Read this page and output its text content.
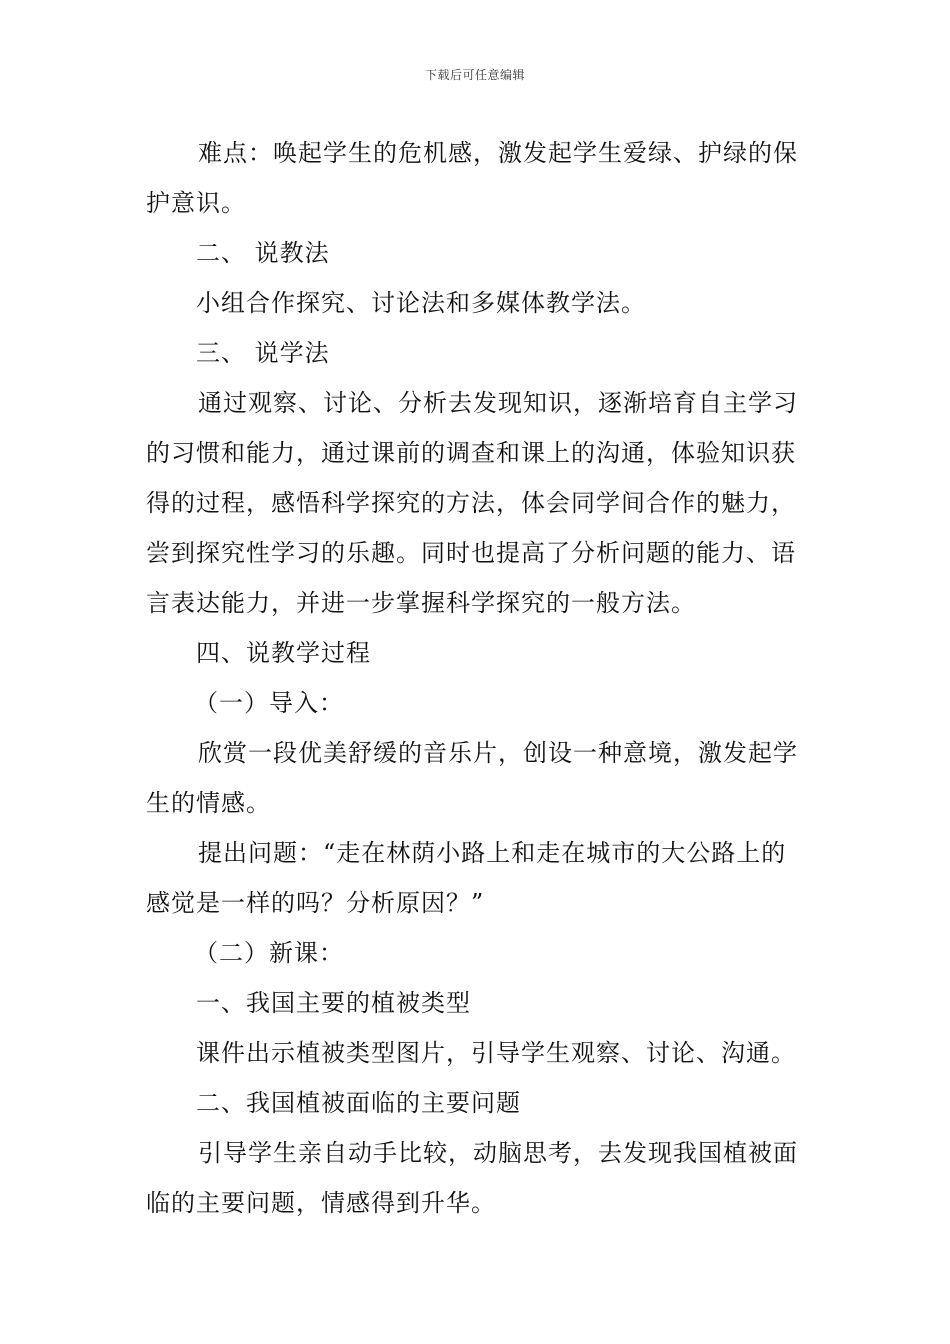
下载后可任意编辑

难点：唤起学生的危机感，激发起学生爱绿、护绿的保护意识。

二、 说教法

小组合作探究、讨论法和多媒体教学法。

三、 说学法

通过观察、讨论、分析去发现知识，逐渐培育自主学习的习惯和能力，通过课前的调查和课上的沟通，体验知识获得的过程，感悟科学探究的方法，体会同学间合作的魅力，尝到探究性学习的乐趣。同时也提高了分析问题的能力、语言表达能力，并进一步掌握科学探究的一般方法。

四、说教学过程

（一）导入：

欣赏一段优美舒缓的音乐片，创设一种意境，激发起学生的情感。

提出问题：“走在林荫小路上和走在城市的大公路上的感觉是一样的吗？分析原因？”

（二）新课：

一、我国主要的植被类型

课件出示植被类型图片，引导学生观察、讨论、沟通。

二、我国植被面临的主要问题

引导学生亲自动手比较，动脑思考，去发现我国植被面临的主要问题，情感得到升华。
